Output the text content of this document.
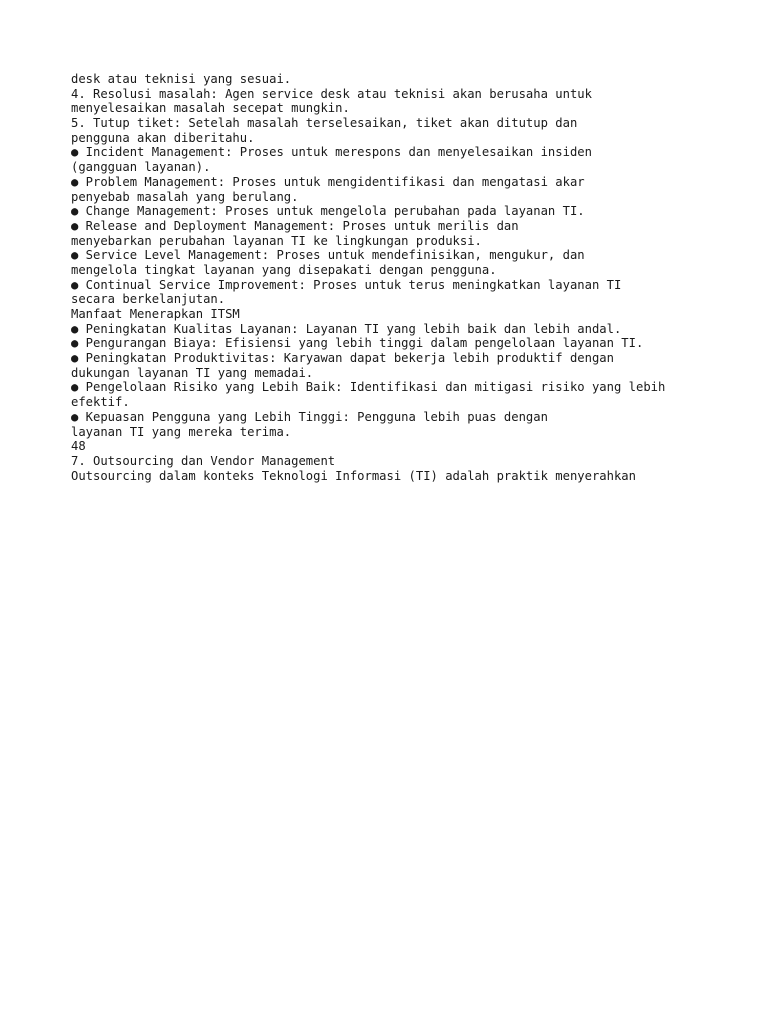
desk atau teknisi yang sesuai.
4. Resolusi masalah: Agen service desk atau teknisi akan berusaha untuk
menyelesaikan masalah secepat mungkin.
5. Tutup tiket: Setelah masalah terselesaikan, tiket akan ditutup dan
pengguna akan diberitahu.
● Incident Management: Proses untuk merespons dan menyelesaikan insiden
(gangguan layanan).
● Problem Management: Proses untuk mengidentifikasi dan mengatasi akar
penyebab masalah yang berulang.
● Change Management: Proses untuk mengelola perubahan pada layanan TI.
● Release and Deployment Management: Proses untuk merilis dan
menyebarkan perubahan layanan TI ke lingkungan produksi.
● Service Level Management: Proses untuk mendefinisikan, mengukur, dan
mengelola tingkat layanan yang disepakati dengan pengguna.
● Continual Service Improvement: Proses untuk terus meningkatkan layanan TI
secara berkelanjutan.
Manfaat Menerapkan ITSM
● Peningkatan Kualitas Layanan: Layanan TI yang lebih baik dan lebih andal.
● Pengurangan Biaya: Efisiensi yang lebih tinggi dalam pengelolaan layanan TI.
● Peningkatan Produktivitas: Karyawan dapat bekerja lebih produktif dengan
dukungan layanan TI yang memadai.
● Pengelolaan Risiko yang Lebih Baik: Identifikasi dan mitigasi risiko yang lebih
efektif.
● Kepuasan Pengguna yang Lebih Tinggi: Pengguna lebih puas dengan
layanan TI yang mereka terima.
48
7. Outsourcing dan Vendor Management
Outsourcing dalam konteks Teknologi Informasi (TI) adalah praktik menyerahkan
